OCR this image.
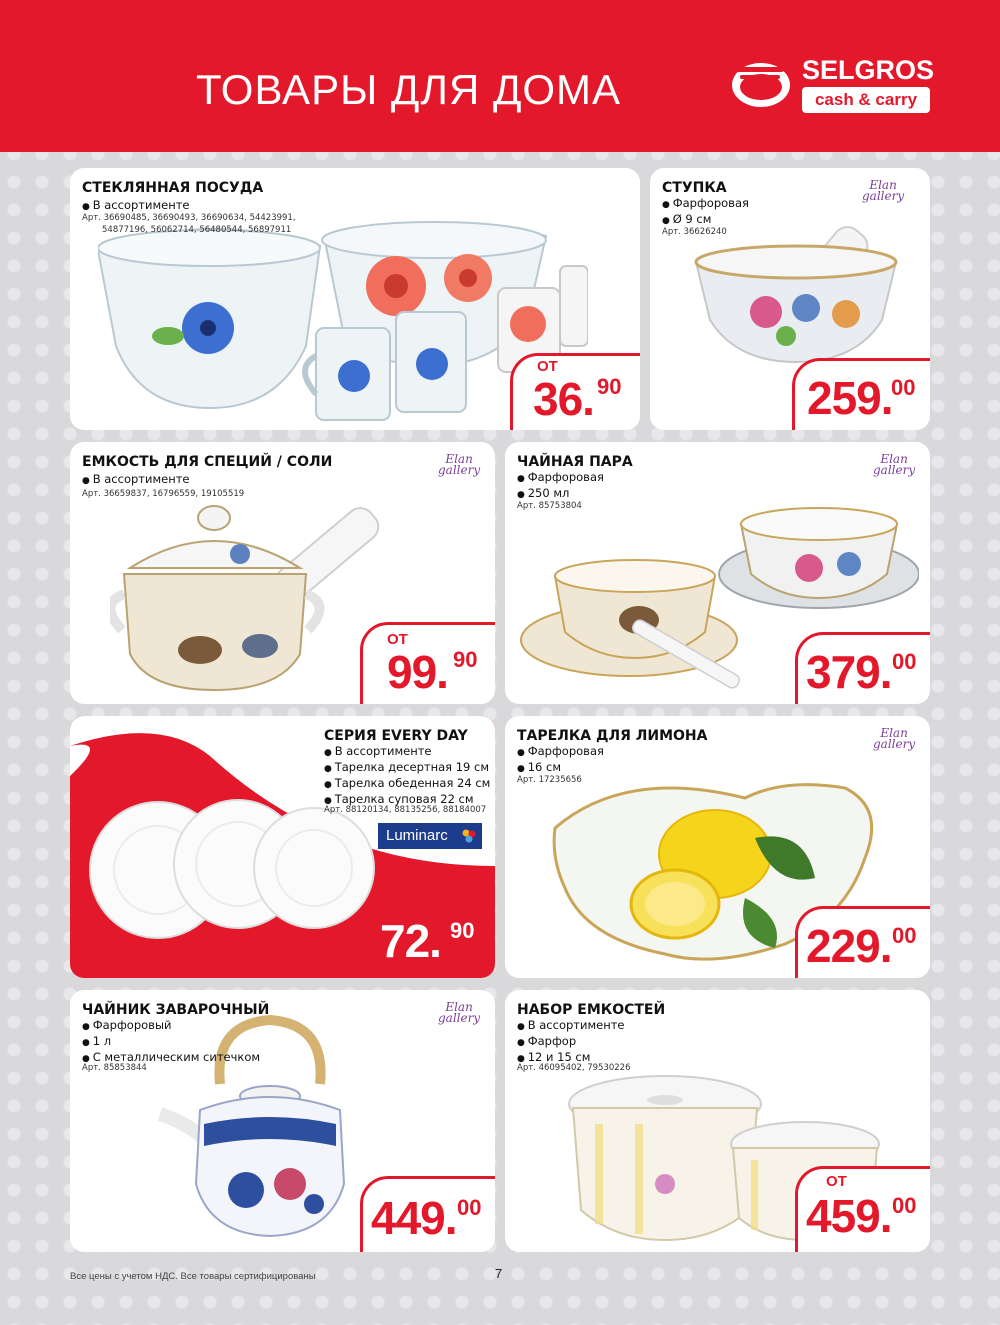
ТОВАРЫ ДЛЯ ДОМА	SELGROS
cash & carry
СТЕКЛЯННАЯ ПОСУДА
● В ассортименте
Арт. 36690485, 36690493, 36690634, 54423991,
54877196, 56062714, 56480544, 56897911
ОТ
36. 90
СТУПКА
● Фарфоровая
● Ø 9 см
Арт. 36626240
Elan
gallery
259.
00
ЕМКОСТЬ ДЛЯ СПЕЦИЙ / СОЛИ
● В ассортименте
Арт. 36659837, 16796559, 19105519
Elan
gallery
ОТ
99. 90
ЧАЙНАЯ ПАРА
● Фарфоровая
● 250 мл
Арт. 85753804
Elan
gallery
379. 00
СЕРИЯ EVERY DAY
● В ассортименте
● Тарелка десертная 19 см
● Тарелка обеденная 24 см
● Тарелка суповая 22 см
Арт. 88120134, 88135256, 88184007
72. 90
Luminarc
ТАРЕЛКА ДЛЯ ЛИМОНА
● Фарфоровая
● 16 см
Арт. 17235656
Elan
gallery
229. 00
ЧАЙНИК ЗАВАРОЧНЫЙ
● Фарфоровый
● 1 л
● С металлическим ситечком
Арт. 85853844
Elan
gallery
449. 00
НАБОР ЕМКОСТЕЙ
● В ассортименте
● Фарфор
● 12 и 15 см
Арт. 46095402, 79530226
ОТ
459. 00
Все цены с учетом НДС. Все товары сертифицированы	7
